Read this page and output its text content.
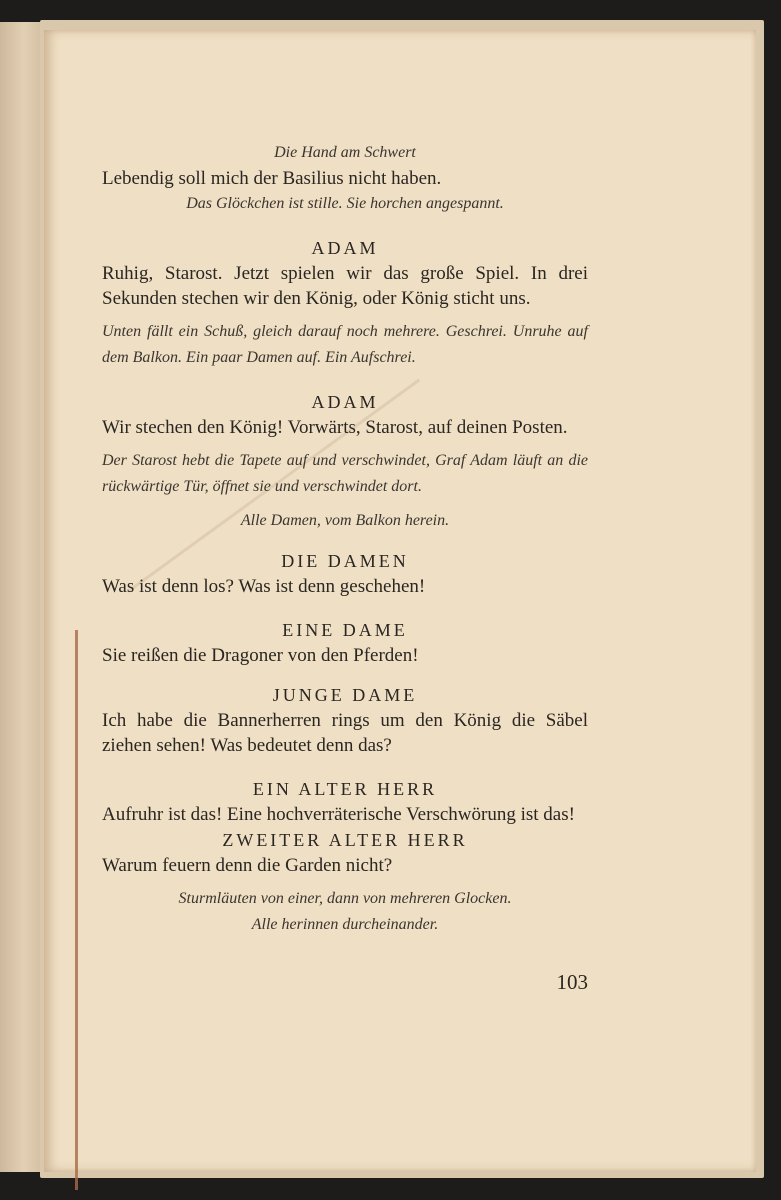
Die Hand am Schwert

Lebendig soll mich der Basilius nicht haben.

Das Glöckchen ist stille. Sie horchen angespannt.

ADAM

Ruhig, Starost. Jetzt spielen wir das große Spiel. In drei Sekunden stechen wir den König, oder König sticht uns.

Unten fällt ein Schuß, gleich darauf noch mehrere. Geschrei. Unruhe auf dem Balkon. Ein paar Damen auf. Ein Aufschrei.

ADAM

Wir stechen den König! Vorwärts, Starost, auf deinen Posten.

Der Starost hebt die Tapete auf und verschwindet, Graf Adam läuft an die rückwärtige Tür, öffnet sie und verschwindet dort.

Alle Damen, vom Balkon herein.

DIE DAMEN

Was ist denn los? Was ist denn geschehen!

EINE DAME

Sie reißen die Dragoner von den Pferden!

JUNGE DAME

Ich habe die Bannerherren rings um den König die Säbel ziehen sehen! Was bedeutet denn das?

EIN ALTER HERR

Aufruhr ist das! Eine hochverräterische Verschwörung ist das!

ZWEITER ALTER HERR

Warum feuern denn die Garden nicht?

Sturmläuten von einer, dann von mehreren Glocken.

Alle herinnen durcheinander.

103
